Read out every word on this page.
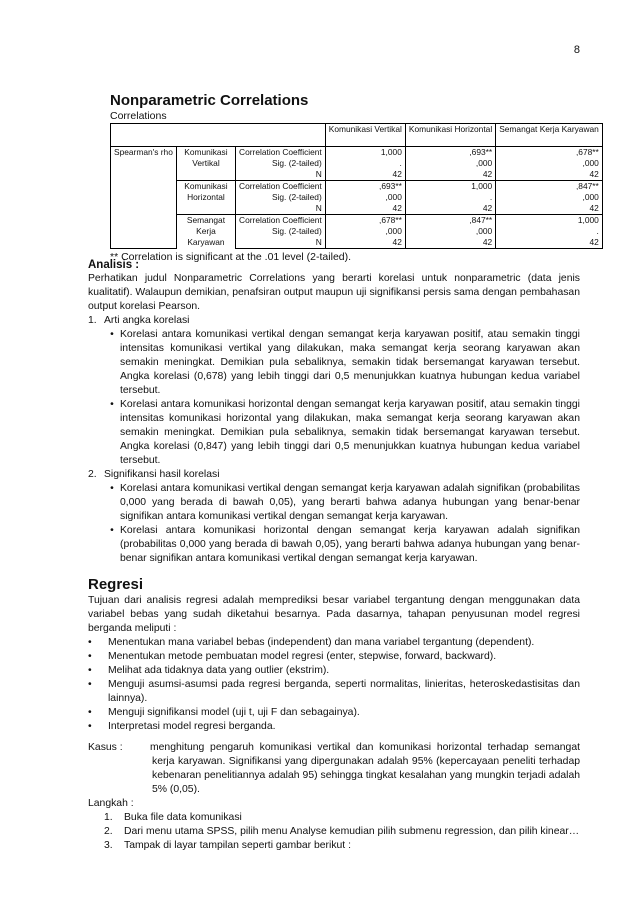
8
Nonparametric Correlations
Correlations
			Komunikasi Vertikal	Komunikasi Horizontal	Semangat Kerja Karyawan
Spearman's rho	Komunikasi Vertikal	Correlation Coefficient	1,000	,693**	,678**
		Sig. (2-tailed)	.	,000	,000
		N	42	42	42
	Komunikasi Horizontal	Correlation Coefficient	,693**	1,000	,847**
		Sig. (2-tailed)	,000	.	,000
		N	42	42	42
	Semangat Kerja Karyawan	Correlation Coefficient	,678**	,847**	1,000
		Sig. (2-tailed)	,000	,000	.
		N	42	42	42
** Correlation is significant at the .01 level (2-tailed).
Analisis :
Perhatikan judul Nonparametric Correlations yang berarti korelasi untuk nonparametric (data jenis kualitatif). Walaupun demikian, penafsiran output maupun uji signifikansi persis sama dengan pembahasan output korelasi Pearson.
1. Arti angka korelasi
• Korelasi antara komunikasi vertikal dengan semangat kerja karyawan positif, atau semakin tinggi intensitas komunikasi vertikal yang dilakukan, maka semangat kerja seorang karyawan akan semakin meningkat. Demikian pula sebaliknya, semakin tidak bersemangat karyawan tersebut. Angka korelasi (0,678) yang lebih tinggi dari 0,5 menunjukkan kuatnya hubungan kedua variabel tersebut.
• Korelasi antara komunikasi horizontal dengan semangat kerja karyawan positif, atau semakin tinggi intensitas komunikasi horizontal yang dilakukan, maka semangat kerja seorang karyawan akan semakin meningkat. Demikian pula sebaliknya, semakin tidak bersemangat karyawan tersebut. Angka korelasi (0,847) yang lebih tinggi dari 0,5 menunjukkan kuatnya hubungan kedua variabel tersebut.
2. Signifikansi hasil korelasi
• Korelasi antara komunikasi vertikal dengan semangat kerja karyawan adalah signifikan (probabilitas 0,000 yang berada di bawah 0,05), yang berarti bahwa adanya hubungan yang benar-benar signifikan antara komunikasi vertikal dengan semangat kerja karyawan.
• Korelasi antara komunikasi horizontal dengan semangat kerja karyawan adalah signifikan (probabilitas 0,000 yang berada di bawah 0,05), yang berarti bahwa adanya hubungan yang benar-benar signifikan antara komunikasi vertikal dengan semangat kerja karyawan.
Regresi
Tujuan dari analisis regresi adalah memprediksi besar variabel tergantung dengan menggunakan data variabel bebas yang sudah diketahui besarnya. Pada dasarnya, tahapan penyusunan model regresi berganda meliputi :
•	Menentukan mana variabel bebas (independent) dan mana variabel tergantung (dependent).
•	Menentukan metode pembuatan model regresi (enter, stepwise, forward, backward).
•	Melihat ada tidaknya data yang outlier (ekstrim).
•	Menguji asumsi-asumsi pada regresi berganda, seperti normalitas, linieritas, heteroskedastisitas dan lainnya).
•	Menguji signifikansi model (uji t, uji F dan sebagainya).
•	Interpretasi model regresi berganda.
Kasus :	menghitung pengaruh komunikasi vertikal dan komunikasi horizontal terhadap semangat kerja karyawan. Signifikansi yang dipergunakan adalah 95% (kepercayaan peneliti terhadap kebenaran penelitiannya adalah 95) sehingga tingkat kesalahan yang mungkin terjadi adalah 5% (0,05).
Langkah :
1.	Buka file data komunikasi
2.	Dari menu utama SPSS, pilih menu Analyse kemudian pilih submenu regression, dan pilih kinear…
3.	Tampak di layar tampilan seperti gambar berikut :
